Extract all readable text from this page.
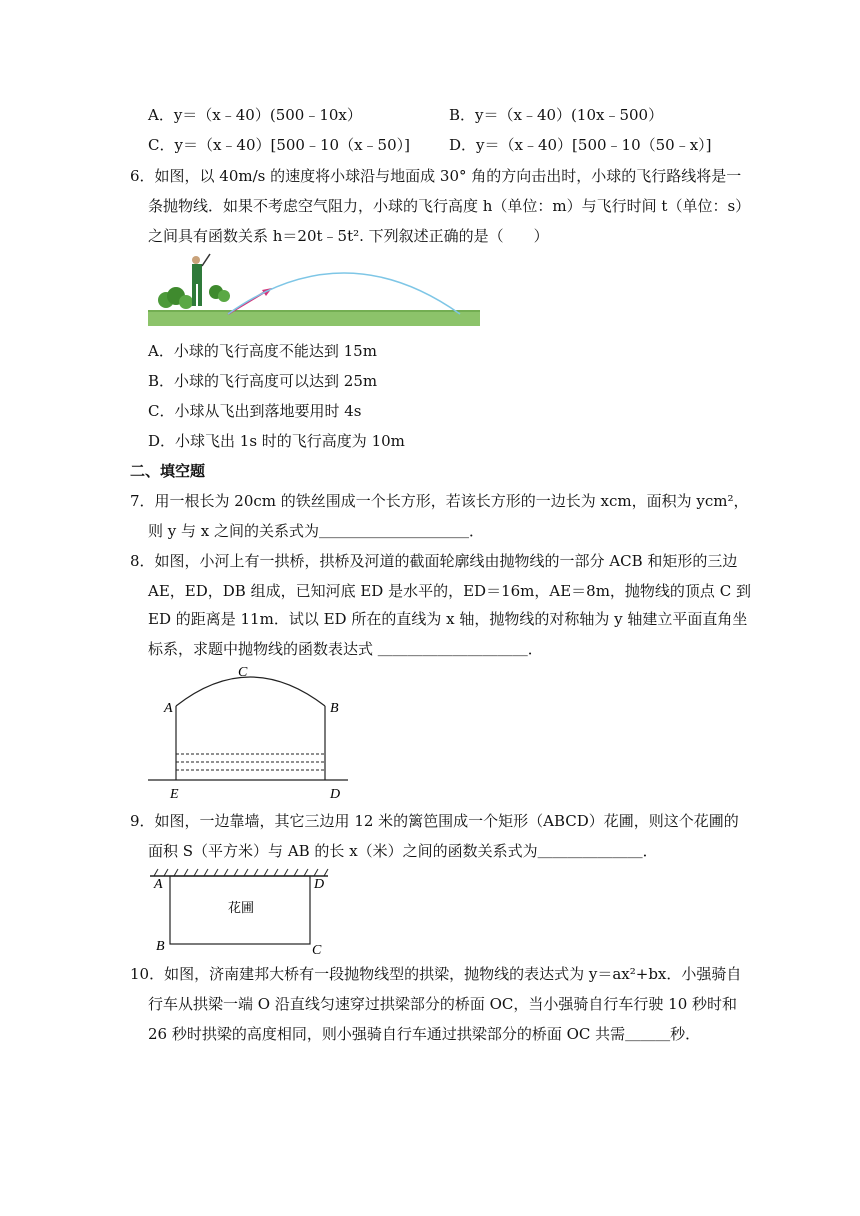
A．y＝（x﹣40）(500﹣10x）	B．y＝（x﹣40）(10x﹣500）
C．y＝（x﹣40）[500﹣10（x﹣50）]	D．y＝（x﹣40）[500﹣10（50﹣x）]
6．如图，以 40m/s 的速度将小球沿与地面成 30° 角的方向击出时，小球的飞行路线将是一
条抛物线．如果不考虑空气阻力，小球的飞行高度 h（单位：m）与飞行时间 t（单位：s）
之间具有函数关系 h＝20t﹣5t². 下列叙述正确的是（　　）
A．小球的飞行高度不能达到 15m
B．小球的飞行高度可以达到 25m
C．小球从飞出到落地要用时 4s
D．小球飞出 1s 时的飞行高度为 10m
二、填空题
7．用一根长为 20cm 的铁丝围成一个长方形，若该长方形的一边长为 xcm，面积为 ycm²，
则 y 与 x 之间的关系式为＿＿＿＿＿＿＿＿＿＿．
8．如图，小河上有一拱桥，拱桥及河道的截面轮廓线由抛物线的一部分 ACB 和矩形的三边
AE，ED，DB 组成，已知河底 ED 是水平的，ED＝16m，AE＝8m，抛物线的顶点 C 到
ED 的距离是 11m．试以 ED 所在的直线为 x 轴，抛物线的对称轴为 y 轴建立平面直角坐
标系，求题中抛物线的函数表达式 ＿＿＿＿＿＿＿＿＿＿．
A	B
C
E	D
9．如图，一边靠墙，其它三边用 12 米的篱笆围成一个矩形（ABCD）花圃，则这个花圃的
面积 S（平方米）与 AB 的长 x（米）之间的函数关系式为＿＿＿＿＿＿＿．
花圃
A	D
B	C
10．如图，济南建邦大桥有一段抛物线型的拱梁，抛物线的表达式为 y＝ax²+bx．小强骑自
行车从拱梁一端 O 沿直线匀速穿过拱梁部分的桥面 OC，当小强骑自行车行驶 10 秒时和
26 秒时拱梁的高度相同，则小强骑自行车通过拱梁部分的桥面 OC 共需＿＿＿秒．
